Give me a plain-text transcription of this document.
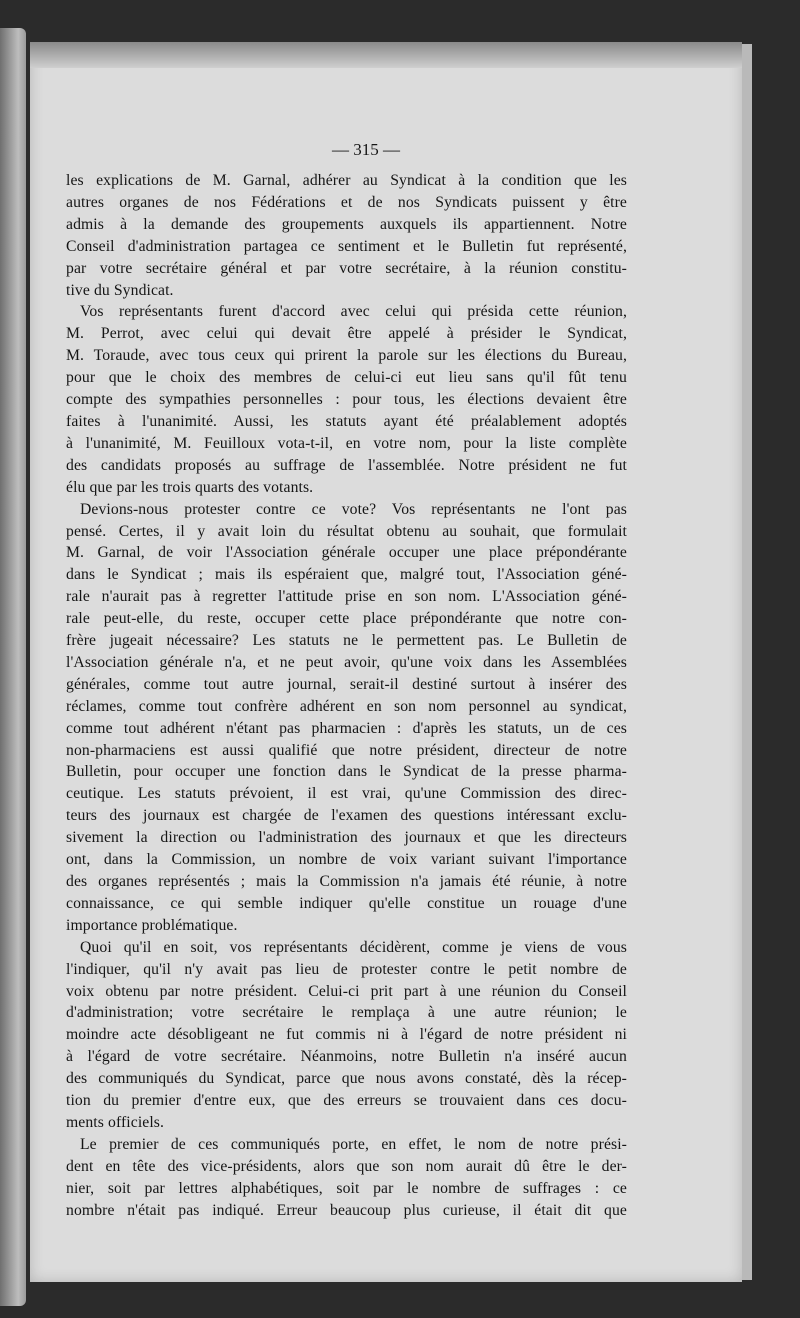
— 315 —
les explications de M. Garnal, adhérer au Syndicat à la condition que les
autres organes de nos Fédérations et de nos Syndicats puissent y être
admis à la demande des groupements auxquels ils appartiennent. Notre
Conseil d'administration partagea ce sentiment et le Bulletin fut représenté,
par votre secrétaire général et par votre secrétaire, à la réunion constitu-
tive du Syndicat.
Vos représentants furent d'accord avec celui qui présida cette réunion,
M. Perrot, avec celui qui devait être appelé à présider le Syndicat,
M. Toraude, avec tous ceux qui prirent la parole sur les élections du Bureau,
pour que le choix des membres de celui-ci eut lieu sans qu'il fût tenu
compte des sympathies personnelles : pour tous, les élections devaient être
faites à l'unanimité. Aussi, les statuts ayant été préalablement adoptés
à l'unanimité, M. Feuilloux vota-t-il, en votre nom, pour la liste complète
des candidats proposés au suffrage de l'assemblée. Notre président ne fut
élu que par les trois quarts des votants.
Devions-nous protester contre ce vote? Vos représentants ne l'ont pas
pensé. Certes, il y avait loin du résultat obtenu au souhait, que formulait
M. Garnal, de voir l'Association générale occuper une place prépondérante
dans le Syndicat ; mais ils espéraient que, malgré tout, l'Association géné-
rale n'aurait pas à regretter l'attitude prise en son nom. L'Association géné-
rale peut-elle, du reste, occuper cette place prépondérante que notre con-
frère jugeait nécessaire? Les statuts ne le permettent pas. Le Bulletin de
l'Association générale n'a, et ne peut avoir, qu'une voix dans les Assemblées
générales, comme tout autre journal, serait-il destiné surtout à insérer des
réclames, comme tout confrère adhérent en son nom personnel au syndicat,
comme tout adhérent n'étant pas pharmacien : d'après les statuts, un de ces
non-pharmaciens est aussi qualifié que notre président, directeur de notre
Bulletin, pour occuper une fonction dans le Syndicat de la presse pharma-
ceutique. Les statuts prévoient, il est vrai, qu'une Commission des direc-
teurs des journaux est chargée de l'examen des questions intéressant exclu-
sivement la direction ou l'administration des journaux et que les directeurs
ont, dans la Commission, un nombre de voix variant suivant l'importance
des organes représentés ; mais la Commission n'a jamais été réunie, à notre
connaissance, ce qui semble indiquer qu'elle constitue un rouage d'une
importance problématique.
Quoi qu'il en soit, vos représentants décidèrent, comme je viens de vous
l'indiquer, qu'il n'y avait pas lieu de protester contre le petit nombre de
voix obtenu par notre président. Celui-ci prit part à une réunion du Conseil
d'administration; votre secrétaire le remplaça à une autre réunion; le
moindre acte désobligeant ne fut commis ni à l'égard de notre président ni
à l'égard de votre secrétaire. Néanmoins, notre Bulletin n'a inséré aucun
des communiqués du Syndicat, parce que nous avons constaté, dès la récep-
tion du premier d'entre eux, que des erreurs se trouvaient dans ces docu-
ments officiels.
Le premier de ces communiqués porte, en effet, le nom de notre prési-
dent en tête des vice-présidents, alors que son nom aurait dû être le der-
nier, soit par lettres alphabétiques, soit par le nombre de suffrages : ce
nombre n'était pas indiqué. Erreur beaucoup plus curieuse, il était dit que
